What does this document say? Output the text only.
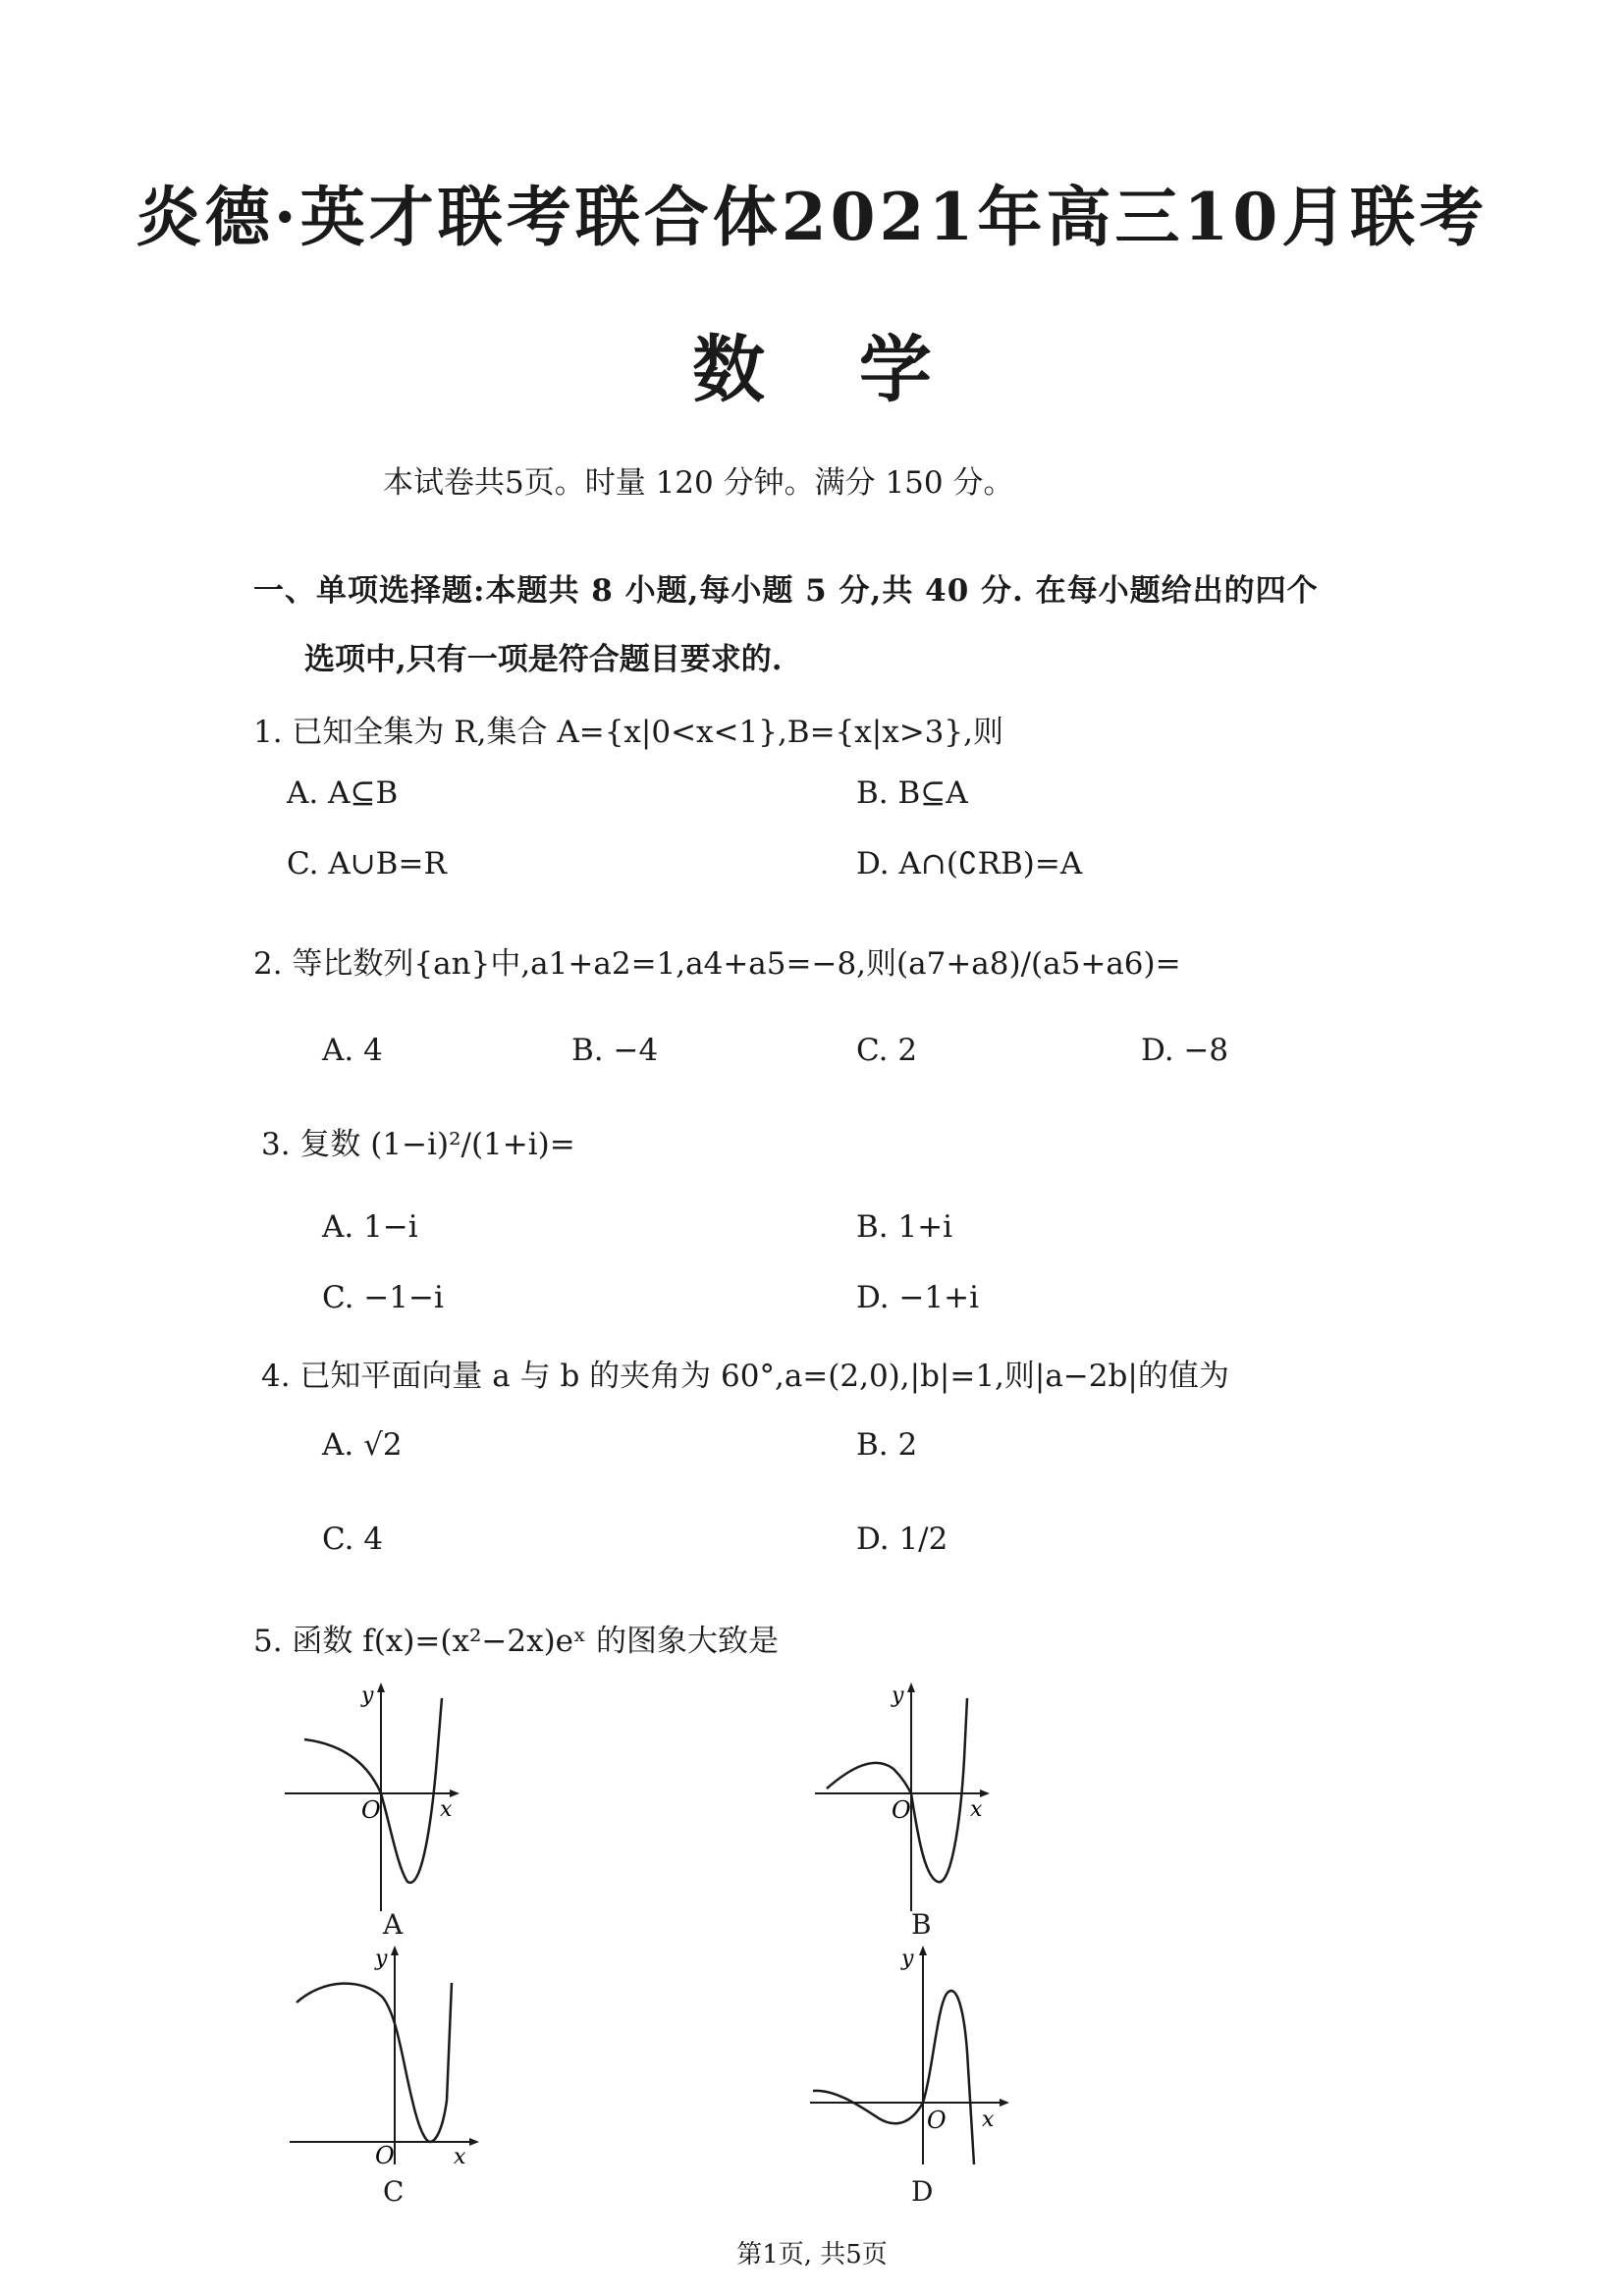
炎德·英才联考联合体2021年高三10月联考
数 学
本试卷共5页。时量 120 分钟。满分 150 分。
一、单项选择题:本题共 8 小题,每小题 5 分,共 40 分. 在每小题给出的四个
选项中,只有一项是符合题目要求的.
1. 已知全集为 R,集合 A={x|0<x<1},B={x|x>3},则
A. A⊆B	B. B⊆A
C. A∪B=R	D. A∩(∁RB)=A
2. 等比数列{an}中,a1+a2=1,a4+a5=−8,则(a7+a8)/(a5+a6)=
A. 4	B. −4	C. 2	D. −8
3. 复数 (1−i)²/(1+i)=
A. 1−i	B. 1+i
C. −1−i	D. −1+i
4. 已知平面向量 a 与 b 的夹角为 60°,a=(2,0),|b|=1,则|a−2b|的值为
A. √2	B. 2
C. 4	D. 1/2
5. 函数 f(x)=(x²−2x)eˣ 的图象大致是
O	x
y
A
O	x
y
B
O	x
y
C
O x
y
D
第1页, 共5页
